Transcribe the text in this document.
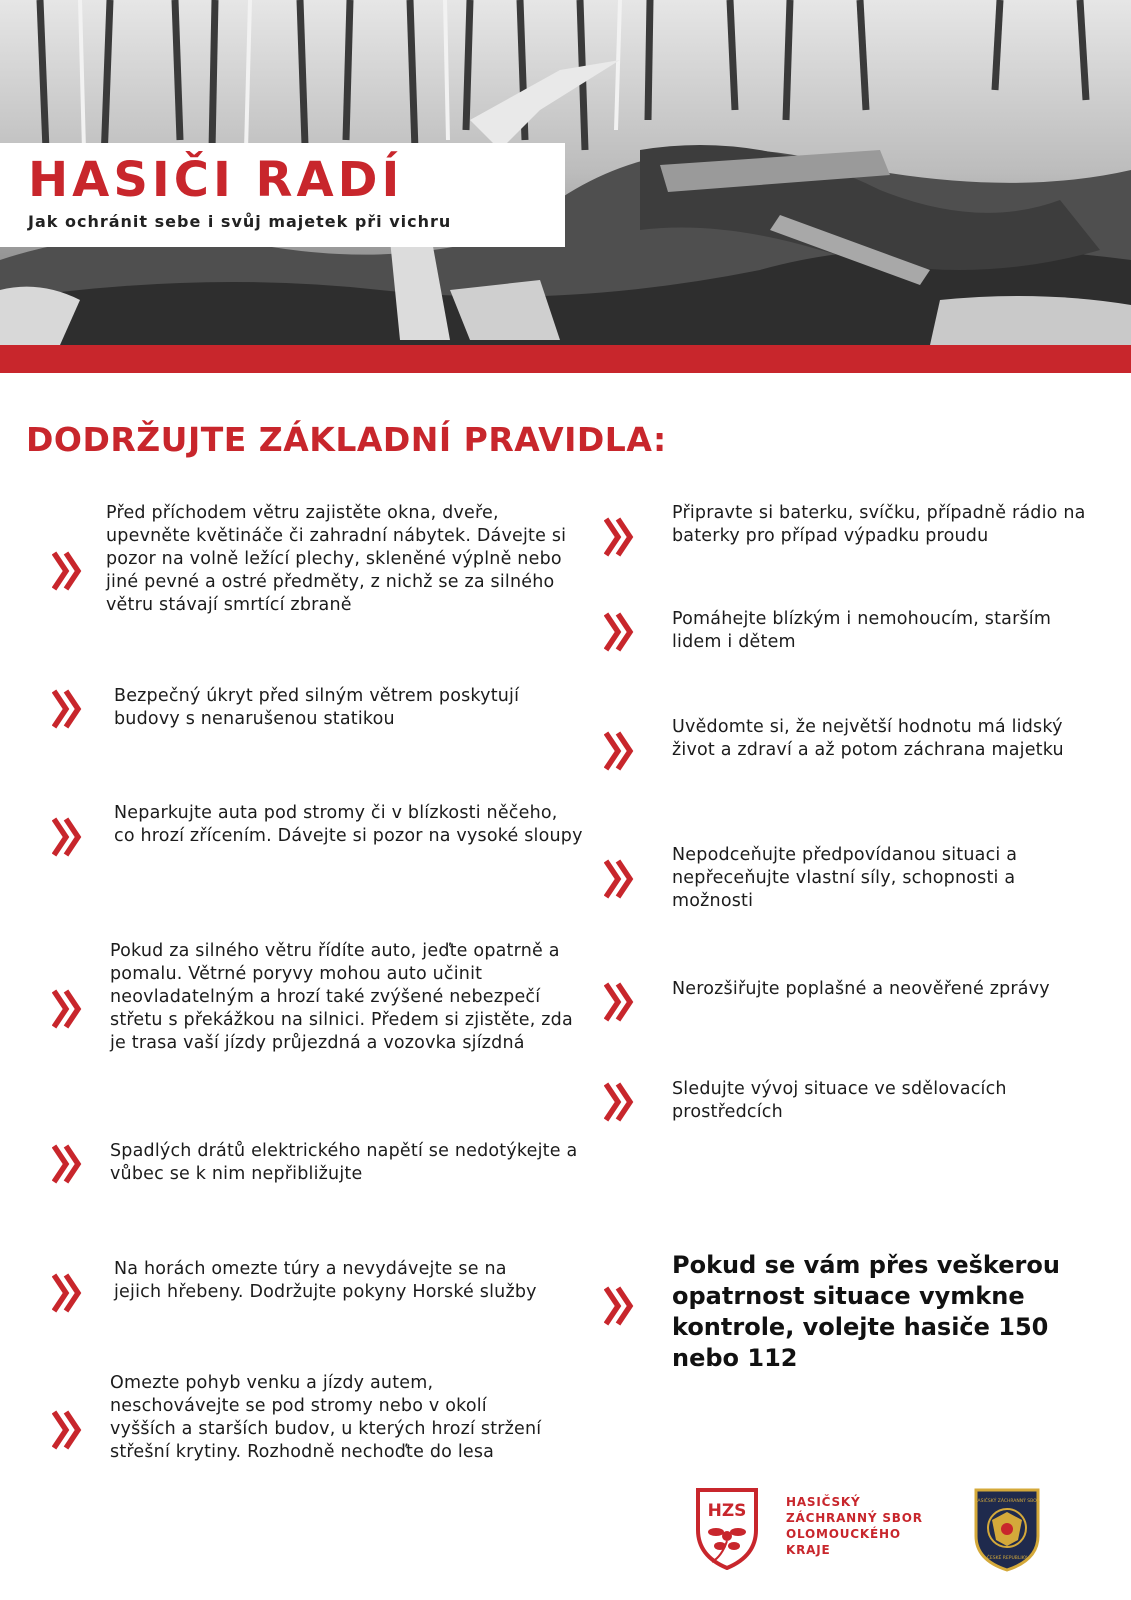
HASIČI RADÍ

Jak ochránit sebe i svůj majetek při vichru

DODRŽUJTE ZÁKLADNÍ PRAVIDLA:
Před příchodem větru zajistěte okna, dveře, upevněte květináče či zahradní nábytek. Dávejte si pozor na volně ležící plechy, skleněné výplně nebo jiné pevné a ostré předměty, z nichž se za silného větru stávají smrtící zbraně
Bezpečný úkryt před silným větrem poskytují budovy s nenarušenou statikou
Neparkujte auta pod stromy či v blízkosti něčeho, co hrozí zřícením. Dávejte si pozor na vysoké sloupy
Pokud za silného větru řídíte auto, jeďte opatrně a pomalu. Větrné poryvy mohou auto učinit neovladatelným a hrozí také zvýšené nebezpečí střetu s překážkou na silnici. Předem si zjistěte, zda je trasa vaší jízdy průjezdná a vozovka sjízdná
Spadlých drátů elektrického napětí se nedotýkejte a vůbec se k nim nepřibližujte
Na horách omezte túry a nevydávejte se na jejich hřebeny. Dodržujte pokyny Horské služby
Omezte pohyb venku a jízdy autem, neschovávejte se pod stromy nebo v okolí vyšších a starších budov, u kterých hrozí stržení střešní krytiny. Rozhodně nechoďte do lesa
Připravte si baterku, svíčku, případně rádio na baterky pro případ výpadku proudu
Pomáhejte blízkým i nemohoucím, starším lidem i dětem
Uvědomte si, že největší hodnotu má lidský život a zdraví a až potom záchrana majetku
Nepodceňujte předpovídanou situaci a nepřeceňujte vlastní síly, schopnosti a možnosti
Nerozšiřujte poplašné a neověřené zprávy
Sledujte vývoj situace ve sdělovacích prostředcích

Pokud se vám přes veškerou opatrnost situace vymkne kontrole, volejte hasiče 150 nebo 112

HZS	HASIČSKÝ
ZÁCHRANNÝ SBOR
OLOMOUCKÉHO
KRAJE
HASIČSKÝ ZÁCHRANNÝ SBOR
ČESKÉ REPUBLIKY
